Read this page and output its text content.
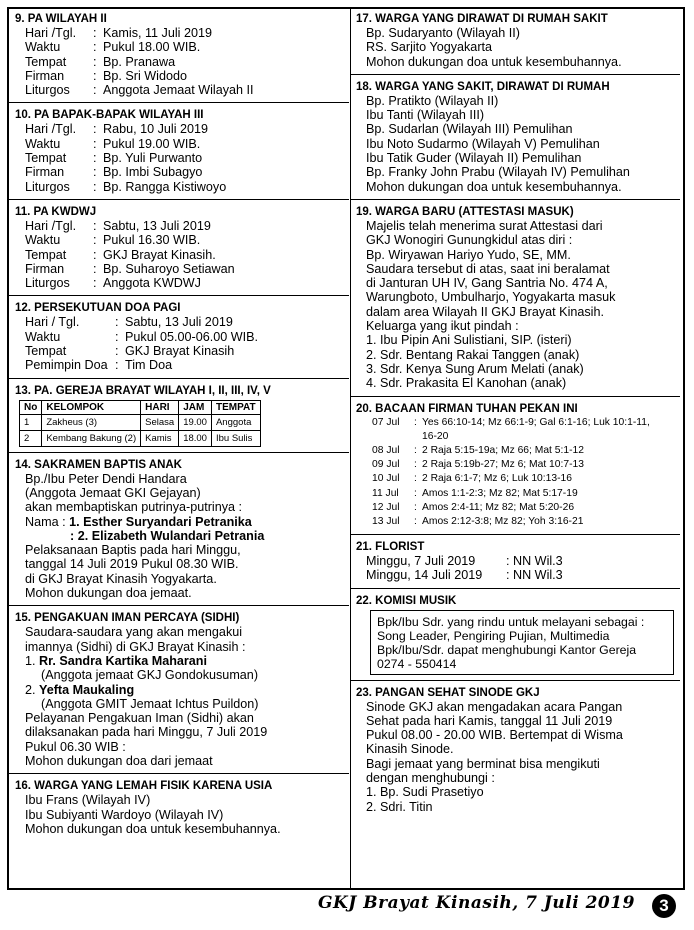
9. PA WILAYAH II
Hari /Tgl.	: Kamis, 11 Juli 2019
Waktu	: Pukul 18.00 WIB.
Tempat	: Bp. Pranawa
Firman	: Bp. Sri Widodo
Liturgos	: Anggota Jemaat Wilayah II
10. PA BAPAK-BAPAK WILAYAH III
Hari /Tgl.	: Rabu, 10 Juli 2019
Waktu	: Pukul 19.00 WIB.
Tempat	: Bp. Yuli Purwanto
Firman	: Bp. Imbi Subagyo
Liturgos	: Bp. Rangga Kistiwoyo
11. PA KWDWJ
Hari /Tgl.	: Sabtu, 13 Juli 2019
Waktu	: Pukul 16.30 WIB.
Tempat	: GKJ Brayat Kinasih.
Firman	: Bp. Suharoyo Setiawan
Liturgos	: Anggota KWDWJ
12. PERSEKUTUAN DOA PAGI
Hari / Tgl.	: Sabtu, 13 Juli 2019
Waktu	: Pukul 05.00-06.00 WIB.
Tempat	: GKJ Brayat Kinasih
Pemimpin Doa : Tim Doa
13. PA. GEREJA BRAYAT WILAYAH I, II, III, IV, V
No	KELOMPOK	HARI	JAM	TEMPAT
1	Zakheus (3)	Selasa	19.00	Anggota
2	Kembang Bakung (2)	Kamis	18.00	Ibu Sulis
14. SAKRAMEN BAPTIS ANAK
Bp./Ibu Peter Dendi Handara
(Anggota Jemaat GKI Gejayan)
akan membaptiskan putrinya-putrinya :
Nama : 1. Esther Suryandari Petranika
: 2. Elizabeth Wulandari Petrania
Pelaksanaan Baptis pada hari Minggu,
tanggal 14 Juli 2019 Pukul 08.30 WIB.
di GKJ Brayat Kinasih Yogyakarta.
Mohon dukungan doa jemaat.
15. PENGAKUAN IMAN PERCAYA (SIDHI)
Saudara-saudara yang akan mengakui
imannya (Sidhi) di GKJ Brayat Kinasih :
1. Rr. Sandra Kartika Maharani
(Anggota jemaat GKJ Gondokusuman)
2. Yefta Maukaling
(Anggota GMIT Jemaat Ichtus Puildon)
Pelayanan Pengakuan Iman (Sidhi) akan
dilaksanakan pada hari Minggu, 7 Juli 2019
Pukul 06.30 WIB :
Mohon dukungan doa dari jemaat
16. WARGA YANG LEMAH FISIK KARENA USIA
Ibu Frans (Wilayah IV)
Ibu Subiyanti Wardoyo (Wilayah IV)
Mohon dukungan doa untuk kesembuhannya.
17. WARGA YANG DIRAWAT DI RUMAH SAKIT
Bp. Sudaryanto (Wilayah II)
RS. Sarjito Yogyakarta
Mohon dukungan doa untuk kesembuhannya.
18. WARGA YANG SAKIT, DIRAWAT DI RUMAH
Bp. Pratikto (Wilayah II)
Ibu Tanti (Wilayah III)
Bp. Sudarlan (Wilayah III) Pemulihan
Ibu Noto Sudarmo (Wilayah V) Pemulihan
Ibu Tatik Guder (Wilayah II) Pemulihan
Bp. Franky John Prabu (Wilayah IV) Pemulihan
Mohon dukungan doa untuk kesembuhannya.
19. WARGA BARU (ATTESTASI MASUK)
Majelis telah menerima surat Attestasi dari
GKJ Wonogiri Gunungkidul atas diri :
Bp. Wiryawan Hariyo Yudo, SE, MM.
Saudara tersebut di atas, saat ini beralamat
di Janturan UH IV, Gang Santria No. 474 A,
Warungboto, Umbulharjo, Yogyakarta masuk
dalam area Wilayah II GKJ Brayat Kinasih.
Keluarga yang ikut pindah :
1. Ibu Pipin Ani Sulistiani, SIP. (isteri)
2. Sdr. Bentang Rakai Tanggen (anak)
3. Sdr. Kenya Sung Arum Melati (anak)
4. Sdr. Prakasita El Kanohan (anak)
20. BACAAN FIRMAN TUHAN PEKAN INI
07 Jul	: Yes 66:10-14; Mz 66:1-9; Gal 6:1-16; Luk 10:1-11,
16-20
08 Jul	: 2 Raja 5:15-19a; Mz 66; Mat 5:1-12
09 Jul	: 2 Raja 5:19b-27; Mz 6; Mat 10:7-13
10 Jul	: 2 Raja 6:1-7; Mz 6; Luk 10:13-16
11 Jul	: Amos 1:1-2:3; Mz 82; Mat 5:17-19
12 Jul	: Amos 2:4-11; Mz 82; Mat 5:20-26
13 Jul	: Amos 2:12-3:8; Mz 82; Yoh 3:16-21
21. FLORIST
Minggu, 7 Juli 2019	: NN Wil.3
Minggu, 14 Juli 2019	: NN Wil.3
22. KOMISI MUSIK
Bpk/Ibu Sdr. yang rindu untuk melayani sebagai :
Song Leader, Pengiring Pujian, Multimedia
Bpk/Ibu/Sdr. dapat menghubungi Kantor Gereja
0274 - 550414
23. PANGAN SEHAT SINODE GKJ
Sinode GKJ akan mengadakan acara Pangan
Sehat pada hari Kamis, tanggal 11 Juli 2019
Pukul 08.00 - 20.00 WIB. Bertempat di Wisma
Kinasih Sinode.
Bagi jemaat yang berminat bisa mengikuti
dengan menghubungi :
1. Bp. Sudi Prasetiyo
2. Sdri. Titin
GKJ Brayat Kinasih, 7 Juli 2019	3
